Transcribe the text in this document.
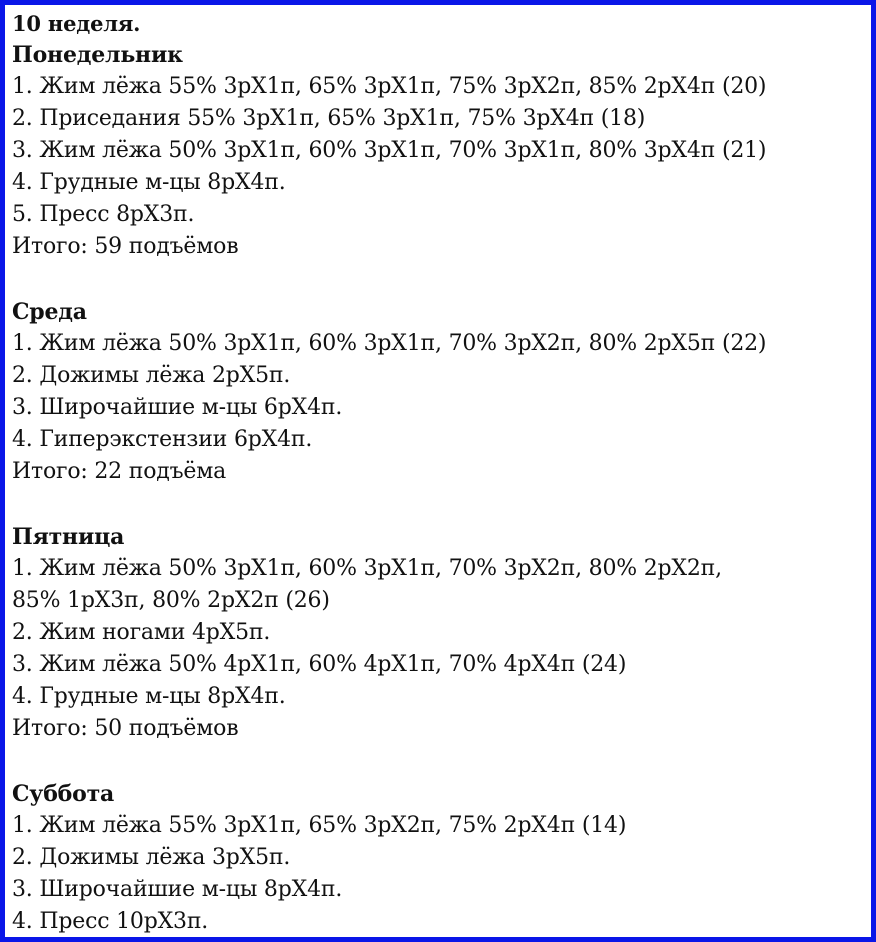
10 неделя.
Понедельник
1. Жим лёжа 55% 3рХ1п, 65% 3рХ1п, 75% 3рХ2п, 85% 2рХ4п (20)
2. Приседания 55% 3рХ1п, 65% 3рХ1п, 75% 3рХ4п (18)
3. Жим лёжа 50% 3рХ1п, 60% 3рХ1п, 70% 3рХ1п, 80% 3рХ4п (21)
4. Грудные м-цы 8рХ4п.
5. Пресс 8рХ3п.
Итого: 59 подъёмов
Среда
1. Жим лёжа 50% 3рХ1п, 60% 3рХ1п, 70% 3рХ2п, 80% 2рХ5п (22)
2. Дожимы лёжа 2рХ5п.
3. Широчайшие м-цы 6рХ4п.
4. Гиперэкстензии 6рХ4п.
Итого: 22 подъёма
Пятница
1. Жим лёжа 50% 3рХ1п, 60% 3рХ1п, 70% 3рХ2п, 80% 2рХ2п,
85% 1рХ3п, 80% 2рХ2п (26)
2. Жим ногами 4рХ5п.
3. Жим лёжа 50% 4рХ1п, 60% 4рХ1п, 70% 4рХ4п (24)
4. Грудные м-цы 8рХ4п.
Итого: 50 подъёмов
Суббота
1. Жим лёжа 55% 3рХ1п, 65% 3рХ2п, 75% 2рХ4п (14)
2. Дожимы лёжа 3рХ5п.
3. Широчайшие м-цы 8рХ4п.
4. Пресс 10рХ3п.
